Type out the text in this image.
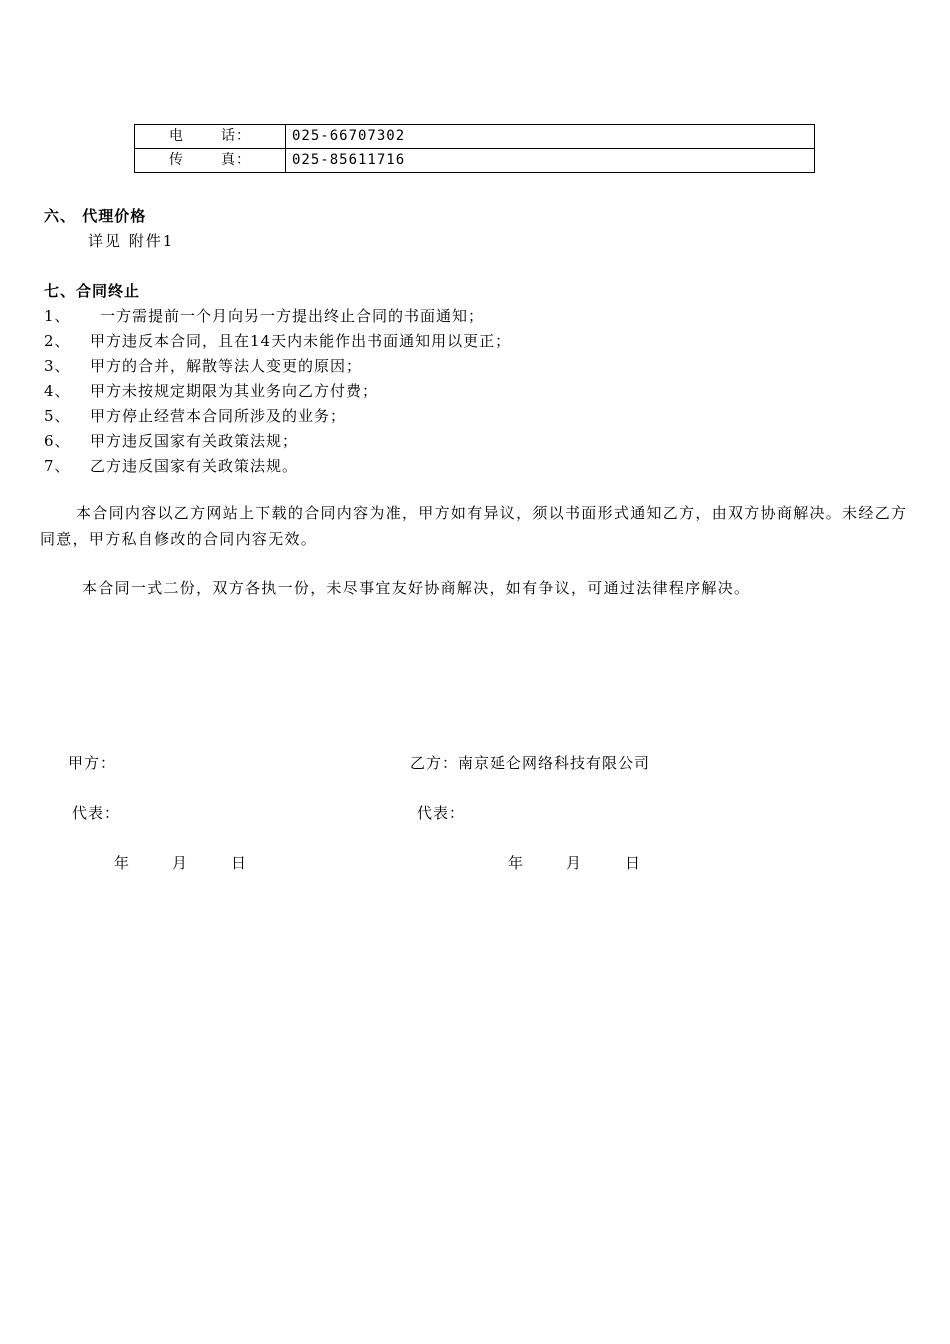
电 话：	025-66707302
传 真：	025-85611716
六、 代理价格
详见 附件1
七、合同终止
1、 一方需提前一个月向另一方提出终止合同的书面通知；
2、 甲方违反本合同，且在14天内未能作出书面通知用以更正；
3、 甲方的合并，解散等法人变更的原因；
4、 甲方未按规定期限为其业务向乙方付费；
5、 甲方停止经营本合同所涉及的业务；
6、 甲方违反国家有关政策法规；
7、 乙方违反国家有关政策法规。
本合同内容以乙方网站上下载的合同内容为准，甲方如有异议，须以书面形式通知乙方，由双方协商解决。未经乙方同意，甲方私自修改的合同内容无效。
本合同一式二份，双方各执一份，未尽事宜友好协商解决，如有争议，可通过法律程序解决。
甲方：	乙方：南京延仑网络科技有限公司
代表：	代表：
年	月	日	年	月	日
